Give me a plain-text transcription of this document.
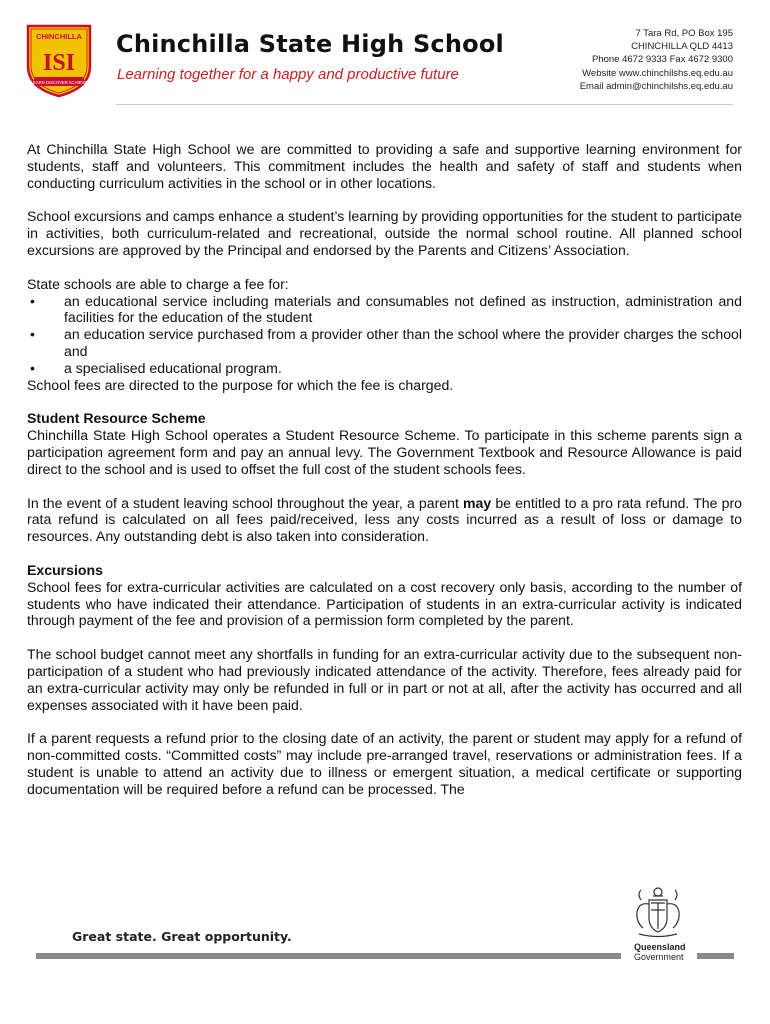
CHINCHILLA
ISI
LEARN DISCOVER ACHIEVE
Chinchilla State High School
Learning together for a happy and productive future
7 Tara Rd, PO Box 195
CHINCHILLA QLD 4413
Phone 4672 9333 Fax 4672 9300
Website www.chinchilshs.eq.edu.au
Email admin@chinchilshs.eq.edu.au

At Chinchilla State High School we are committed to providing a safe and supportive learning environment for students, staff and volunteers. This commitment includes the health and safety of staff and students when conducting curriculum activities in the school or in other locations.

School excursions and camps enhance a student’s learning by providing opportunities for the student to participate in activities, both curriculum-related and recreational, outside the normal school routine. All planned school excursions are approved by the Principal and endorsed by the Parents and Citizens’ Association.

State schools are able to charge a fee for:

• an educational service including materials and consumables not defined as instruction, administration and facilities for the education of the student
• an education service purchased from a provider other than the school where the provider charges the school and
• a specialised educational program.

School fees are directed to the purpose for which the fee is charged.

Student Resource Scheme

Chinchilla State High School operates a Student Resource Scheme. To participate in this scheme parents sign a participation agreement form and pay an annual levy. The Government Textbook and Resource Allowance is paid direct to the school and is used to offset the full cost of the student schools fees.

In the event of a student leaving school throughout the year, a parent may be entitled to a pro rata refund. The pro rata refund is calculated on all fees paid/received, less any costs incurred as a result of loss or damage to resources. Any outstanding debt is also taken into consideration.

Excursions

School fees for extra-curricular activities are calculated on a cost recovery only basis, according to the number of students who have indicated their attendance. Participation of students in an extra-curricular activity is indicated through payment of the fee and provision of a permission form completed by the parent.

The school budget cannot meet any shortfalls in funding for an extra-curricular activity due to the subsequent non-participation of a student who had previously indicated attendance of the activity. Therefore, fees already paid for an extra-curricular activity may only be refunded in full or in part or not at all, after the activity has occurred and all expenses associated with it have been paid.

If a parent requests a refund prior to the closing date of an activity, the parent or student may apply for a refund of non-committed costs. “Committed costs” may include pre-arranged travel, reservations or administration fees. If a student is unable to attend an activity due to illness or emergent situation, a medical certificate or supporting documentation will be required before a refund can be processed. The

Great state. Great opportunity.
Queensland
Government
